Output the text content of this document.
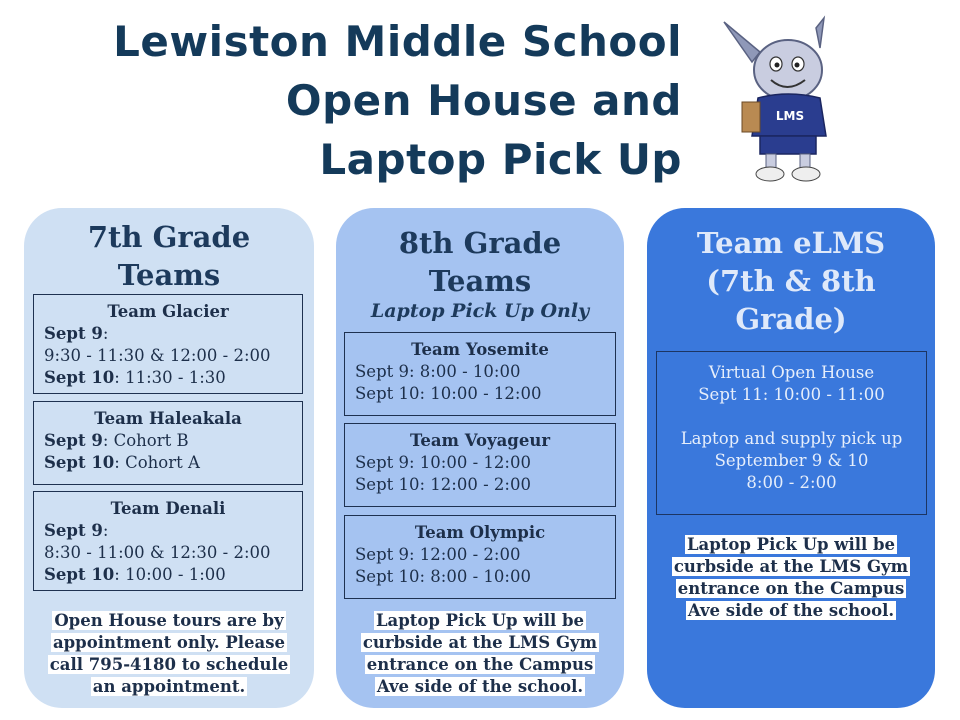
Lewiston Middle School
Open House and
Laptop Pick Up
LMS
7th Grade
Teams
Team Glacier
Sept 9:
9:30 - 11:30 & 12:00 - 2:00
Sept 10: 11:30 - 1:30
Team Haleakala
Sept 9: Cohort B
Sept 10: Cohort A
Team Denali
Sept 9:
8:30 - 11:00 & 12:30 - 2:00
Sept 10: 10:00 - 1:00
Open House tours are by
appointment only. Please
call 795-4180 to schedule
an appointment.
8th Grade
Teams
Laptop Pick Up Only
Team Yosemite
Sept 9: 8:00 - 10:00
Sept 10: 10:00 - 12:00
Team Voyageur
Sept 9: 10:00 - 12:00
Sept 10: 12:00 - 2:00
Team Olympic
Sept 9: 12:00 - 2:00
Sept 10: 8:00 - 10:00
Laptop Pick Up will be
curbside at the LMS Gym
entrance on the Campus
Ave side of the school.
Team eLMS
(7th & 8th
Grade)
Virtual Open House
Sept 11: 10:00 - 11:00
Laptop and supply pick up
September 9 & 10
8:00 - 2:00
Laptop Pick Up will be
curbside at the LMS Gym
entrance on the Campus
Ave side of the school.
